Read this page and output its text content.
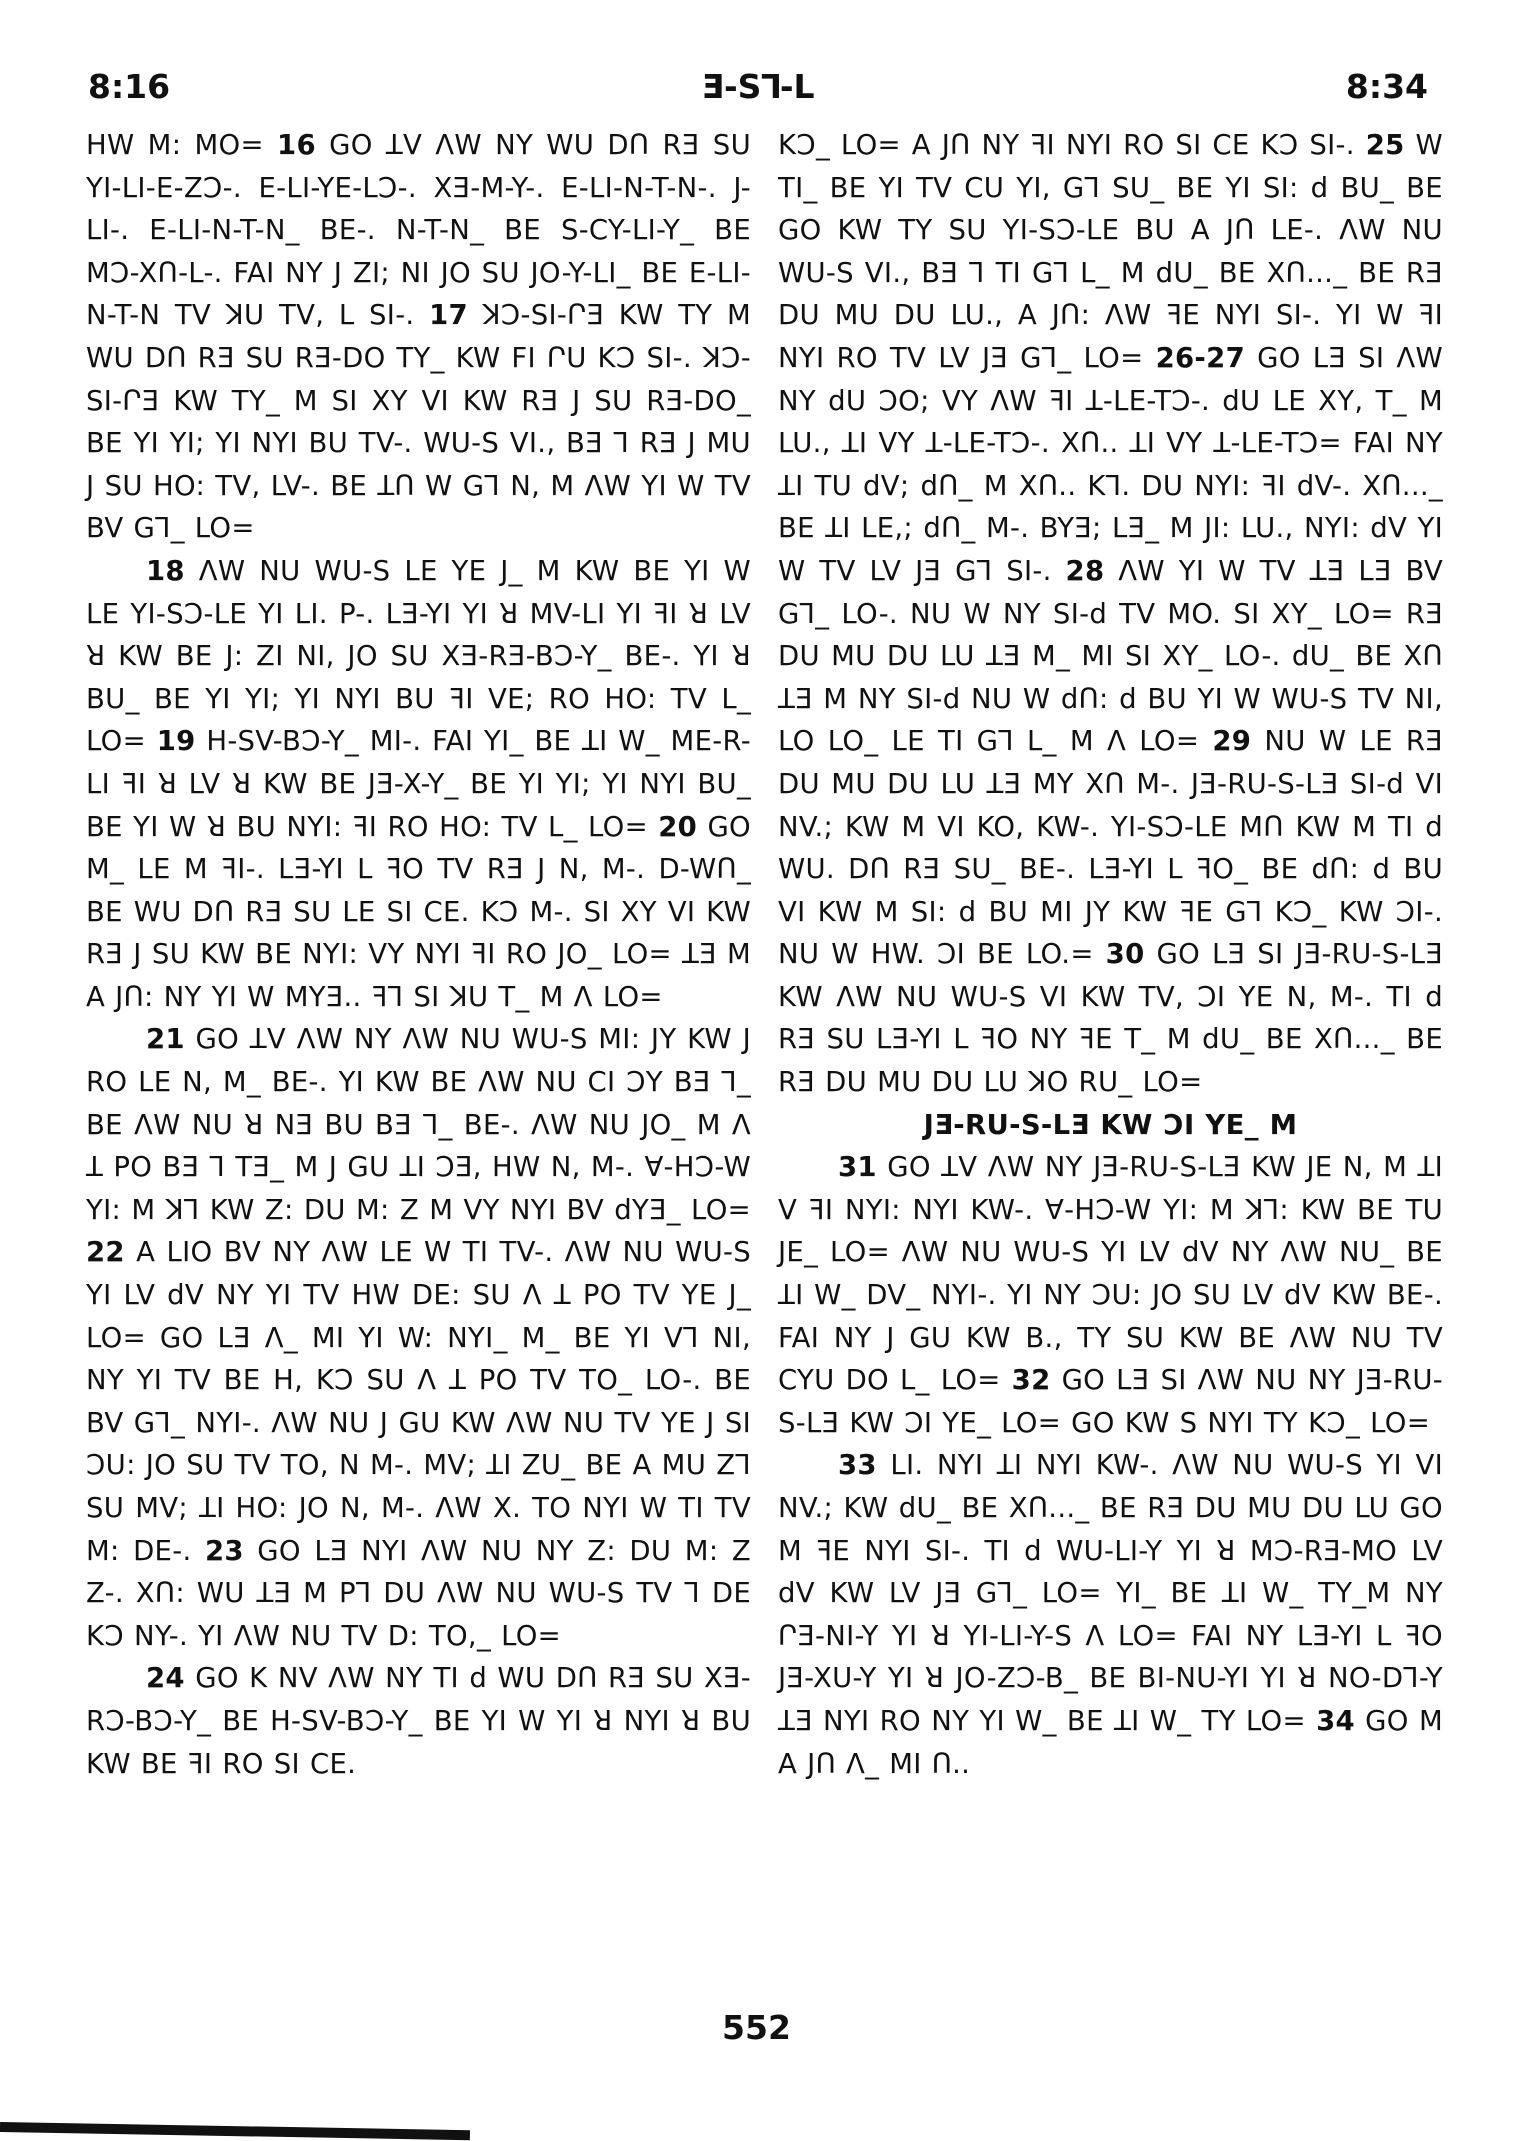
8:16	Ǝ-S⅂-L	8:34

HW M: MO= 16 GO ꓕV ΛW NY WU DՈ RƎ SU YI-LI-E-ZƆ-. E-LI-YE-LƆ-. XƎ-M-Y-. E-LI-N-T-N-. J-LI-. E-LI-N-T-N_ BE-. N-T-N_ BE S-CY-LI-Y_ BE MƆ-XՈ-L-. FAI NY J ZI; NI JO SU JO-Y-LI_ BE E-LI-N-T-N TV ꓘU TV, L SI-. 17 ꓘƆ-SI-ՐƎ KW TY M WU DՈ RƎ SU RƎ-DO TY_ KW FI ՐU KƆ SI-. ꓘƆ-SI-ՐƎ KW TY_ M SI XY VI KW RƎ J SU RƎ-DO_ BE YI YI; YI NYI BU TV-. WU-S VI., BƎ ⅂ RƎ J MU J SU HO: TV, LV-. BE ꓕՈ W G⅂ N, M ΛW YI W TV BV G⅂_ LO=

18 ΛW NU WU-S LE YE J_ M KW BE YI W LE YI-SƆ-LE YI LI. P-. LƎ-YI YI ꓤ MV-LI YI ꟻI ꓤ LV ꓤ KW BE J: ZI NI, JO SU XƎ-RƎ-BƆ-Y_ BE-. YI ꓤ BU_ BE YI YI; YI NYI BU ꟻI VE; RO HO: TV L_ LO= 19 H-SV-BƆ-Y_ MI-. FAI YI_ BE ꓕI W_ ME-R-LI ꟻI ꓤ LV ꓤ KW BE JƎ-X-Y_ BE YI YI; YI NYI BU_ BE YI W ꓤ BU NYI: ꟻI RO HO: TV L_ LO= 20 GO M_ LE M ꟻI-. LƎ-YI L ꟻO TV RƎ J N, M-. D-WՈ_ BE WU DՈ RƎ SU LE SI CE. KƆ M-. SI XY VI KW RƎ J SU KW BE NYI: VY NYI ꟻI RO JO_ LO= ꓕƎ M A JՈ: NY YI W MYƎ.. ꟻ⅂ SI ꓘU T_ M Λ LO=

21 GO ꓕV ΛW NY ΛW NU WU-S MI: JY KW J RO LE N, M_ BE-. YI KW BE ΛW NU CI ƆY BƎ ⅂_ BE ΛW NU ꓤ NƎ BU BƎ ⅂_ BE-. ΛW NU JO_ M Λ ꓕ PO BƎ ⅂ TƎ_ M J GU ꓕI ƆƎ, HW N, M-. Ɐ-HƆ-W YI: M ꓘ⅂ KW Z: DU M: Z M VY NYI BV dYƎ_ LO= 22 A LIO BV NY ΛW LE W TI TV-. ΛW NU WU-S YI LV dV NY YI TV HW DE: SU Λ ꓕ PO TV YE J_ LO= GO LƎ Λ_ MI YI W: NYI_ M_ BE YI V⅂ NI, NY YI TV BE H, KƆ SU Λ ꓕ PO TV TO_ LO-. BE BV G⅂_ NYI-. ΛW NU J GU KW ΛW NU TV YE J SI ƆU: JO SU TV TO, N M-. MV; ꓕI ZU_ BE A MU Z⅂ SU MV; ꓕI HO: JO N, M-. ΛW X. TO NYI W TI TV M: DE-. 23 GO LƎ NYI ΛW NU NY Z: DU M: Z Z-. XՈ: WU ꓕƎ M P⅂ DU ΛW NU WU-S TV ⅂ DE KƆ NY-. YI ΛW NU TV D: TO,_ LO=

24 GO K NV ΛW NY TI d WU DՈ RƎ SU XƎ-RƆ-BƆ-Y_ BE H-SV-BƆ-Y_ BE YI W YI ꓤ NYI ꓤ BU KW BE ꟻI RO SI CE.

KƆ_ LO= A JՈ NY ꟻI NYI RO SI CE KƆ SI-. 25 W TI_ BE YI TV CU YI, G⅂ SU_ BE YI SI: d BU_ BE GO KW TY SU YI-SƆ-LE BU A JՈ LE-. ΛW NU WU-S VI., BƎ ⅂ TI G⅂ L_ M dU_ BE XՈ..._ BE RƎ DU MU DU LU., A JՈ: ΛW ꟻE NYI SI-. YI W ꟻI NYI RO TV LV JƎ G⅂_ LO= 26-27 GO LƎ SI ΛW NY dU ƆO; VY ΛW ꟻI ꓕ-LE-TƆ-. dU LE XY, T_ M LU., ꓕI VY ꓕ-LE-TƆ-. XՈ.. ꓕI VY ꓕ-LE-TƆ= FAI NY ꓕI TU dV; dՈ_ M XՈ.. K⅂. DU NYI: ꟻI dV-. XՈ..._ BE ꓕI LE,; dՈ_ M-. BYƎ; LƎ_ M JI: LU., NYI: dV YI W TV LV JƎ G⅂ SI-. 28 ΛW YI W TV ꓕƎ LƎ BV G⅂_ LO-. NU W NY SI-d TV MO. SI XY_ LO= RƎ DU MU DU LU ꓕƎ M_ MI SI XY_ LO-. dU_ BE XՈ ꓕƎ M NY SI-d NU W dՈ: d BU YI W WU-S TV NI, LO LO_ LE TI G⅂ L_ M Λ LO= 29 NU W LE RƎ DU MU DU LU ꓕƎ MY XՈ M-. JƎ-RU-S-LƎ SI-d VI NV.; KW M VI KO, KW-. YI-SƆ-LE MՈ KW M TI d WU. DՈ RƎ SU_ BE-. LƎ-YI L ꟻO_ BE dՈ: d BU VI KW M SI: d BU MI JY KW ꟻE G⅂ KƆ_ KW ƆI-. NU W HW. ƆI BE LO.= 30 GO LƎ SI JƎ-RU-S-LƎ KW ΛW NU WU-S VI KW TV, ƆI YE N, M-. TI d RƎ SU LƎ-YI L ꟻO NY ꟻE T_ M dU_ BE XՈ..._ BE RƎ DU MU DU LU ꓘO RU_ LO=

JƎ-RU-S-LƎ KW ƆI YE_ M

31 GO ꓕV ΛW NY JƎ-RU-S-LƎ KW JE N, M ꓕI V ꟻI NYI: NYI KW-. Ɐ-HƆ-W YI: M ꓘ⅂: KW BE TU JE_ LO= ΛW NU WU-S YI LV dV NY ΛW NU_ BE ꓕI W_ DV_ NYI-. YI NY ƆU: JO SU LV dV KW BE-. FAI NY J GU KW B., TY SU KW BE ΛW NU TV CYU DO L_ LO= 32 GO LƎ SI ΛW NU NY JƎ-RU-S-LƎ KW ƆI YE_ LO= GO KW S NYI TY KƆ_ LO=

33 LI. NYI ꓕI NYI KW-. ΛW NU WU-S YI VI NV.; KW dU_ BE XՈ..._ BE RƎ DU MU DU LU GO M ꟻE NYI SI-. TI d WU-LI-Y YI ꓤ MƆ-RƎ-MO LV dV KW LV JƎ G⅂_ LO= YI_ BE ꓕI W_ TY_M NY ՐƎ-NI-Y YI ꓤ YI-LI-Y-S Λ LO= FAI NY LƎ-YI L ꟻO JƎ-XU-Y YI ꓤ JO-ZƆ-B_ BE BI-NU-YI YI ꓤ NO-D⅂-Y ꓕƎ NYI RO NY YI W_ BE ꓕI W_ TY LO= 34 GO M A JՈ Λ_ MI Ո..

552
